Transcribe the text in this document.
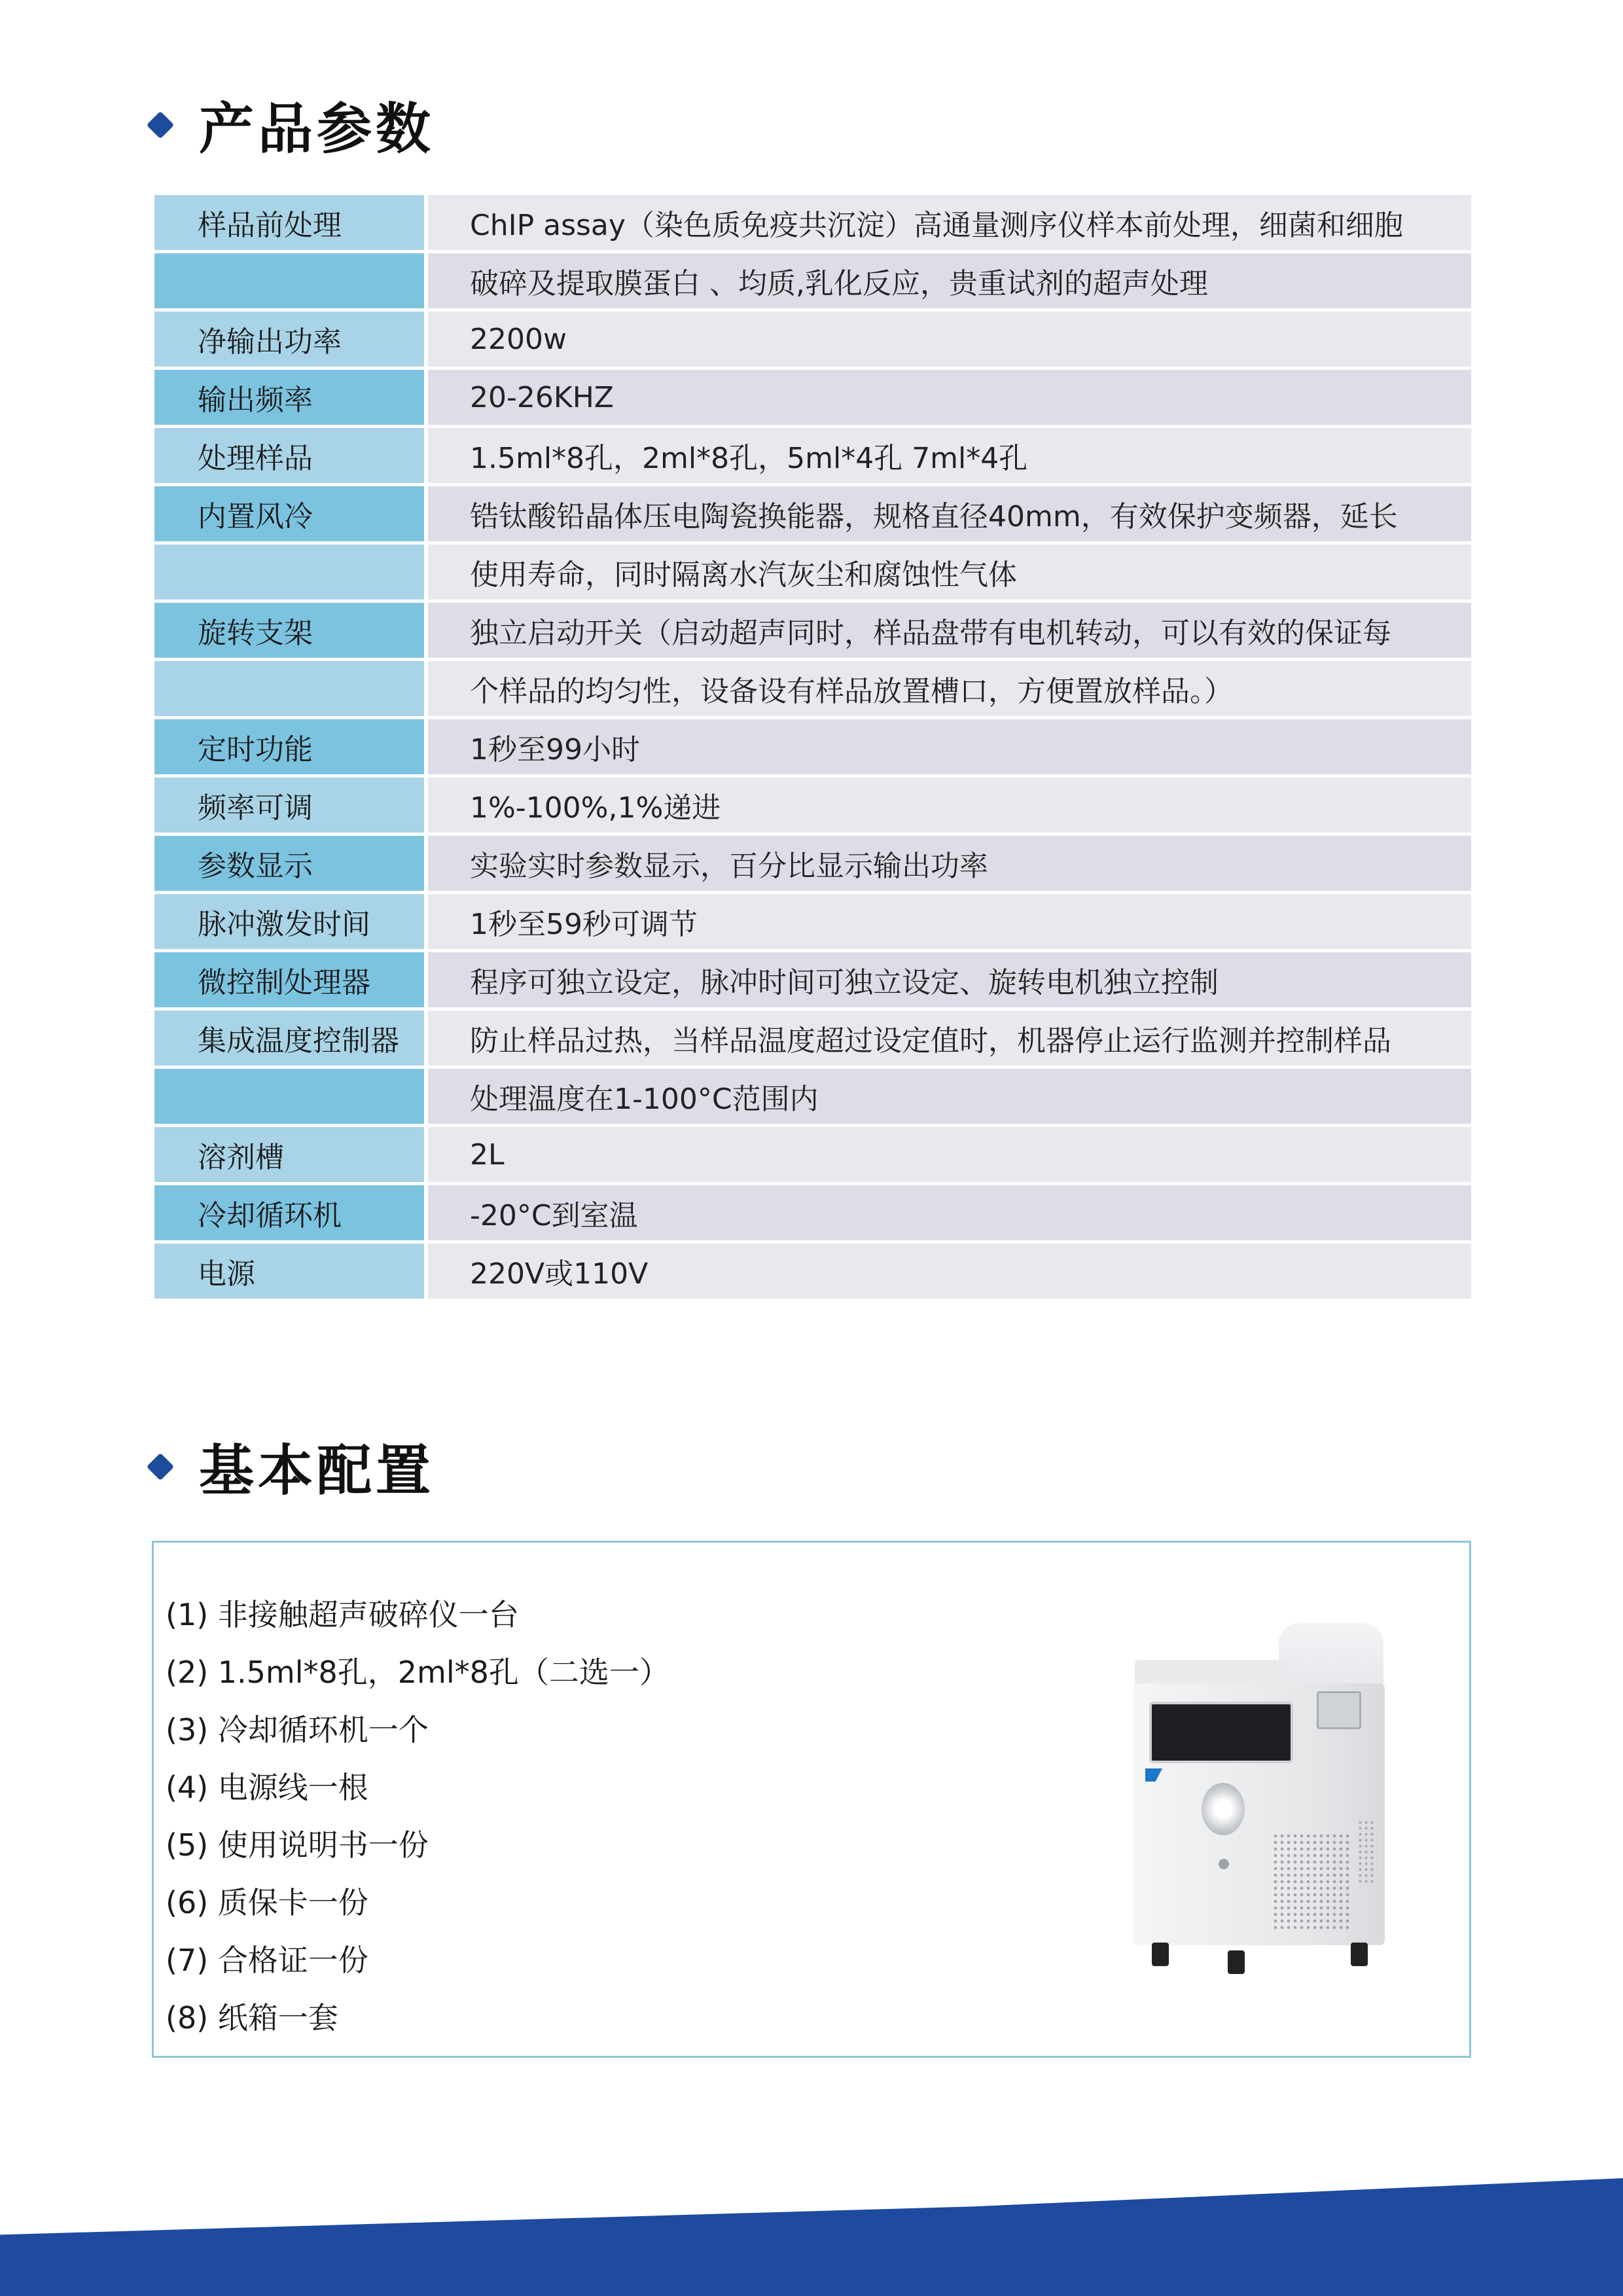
产品参数
样品前处理	ChIP assay（染色质免疫共沉淀）高通量测序仪样本前处理，细菌和细胞
破碎及提取膜蛋白 、均质,乳化反应，贵重试剂的超声处理
净输出功率	2200w
输出频率	20-26KHZ
处理样品	1.5ml*8孔，2ml*8孔，5ml*4孔 7ml*4孔
内置风冷	锆钛酸铅晶体压电陶瓷换能器，规格直径40mm，有效保护变频器，延长
使用寿命，同时隔离水汽灰尘和腐蚀性气体
旋转支架	独立启动开关（启动超声同时，样品盘带有电机转动，可以有效的保证每
个样品的均匀性，设备设有样品放置槽口，方便置放样品。）
定时功能	1秒至99小时
频率可调	1%-100%,1%递进
参数显示	实验实时参数显示，百分比显示输出功率
脉冲激发时间	1秒至59秒可调节
微控制处理器	程序可独立设定，脉冲时间可独立设定、旋转电机独立控制
集成温度控制器	防止样品过热，当样品温度超过设定值时，机器停止运行监测并控制样品
处理温度在1-100°C范围内
溶剂槽	2L
冷却循环机	-20°C到室温
电源	220V或110V
基本配置
(1) 非接触超声破碎仪一台
(2) 1.5ml*8孔，2ml*8孔（二选一）
(3) 冷却循环机一个
(4) 电源线一根
(5) 使用说明书一份
(6) 质保卡一份
(7) 合格证一份
(8) 纸箱一套
